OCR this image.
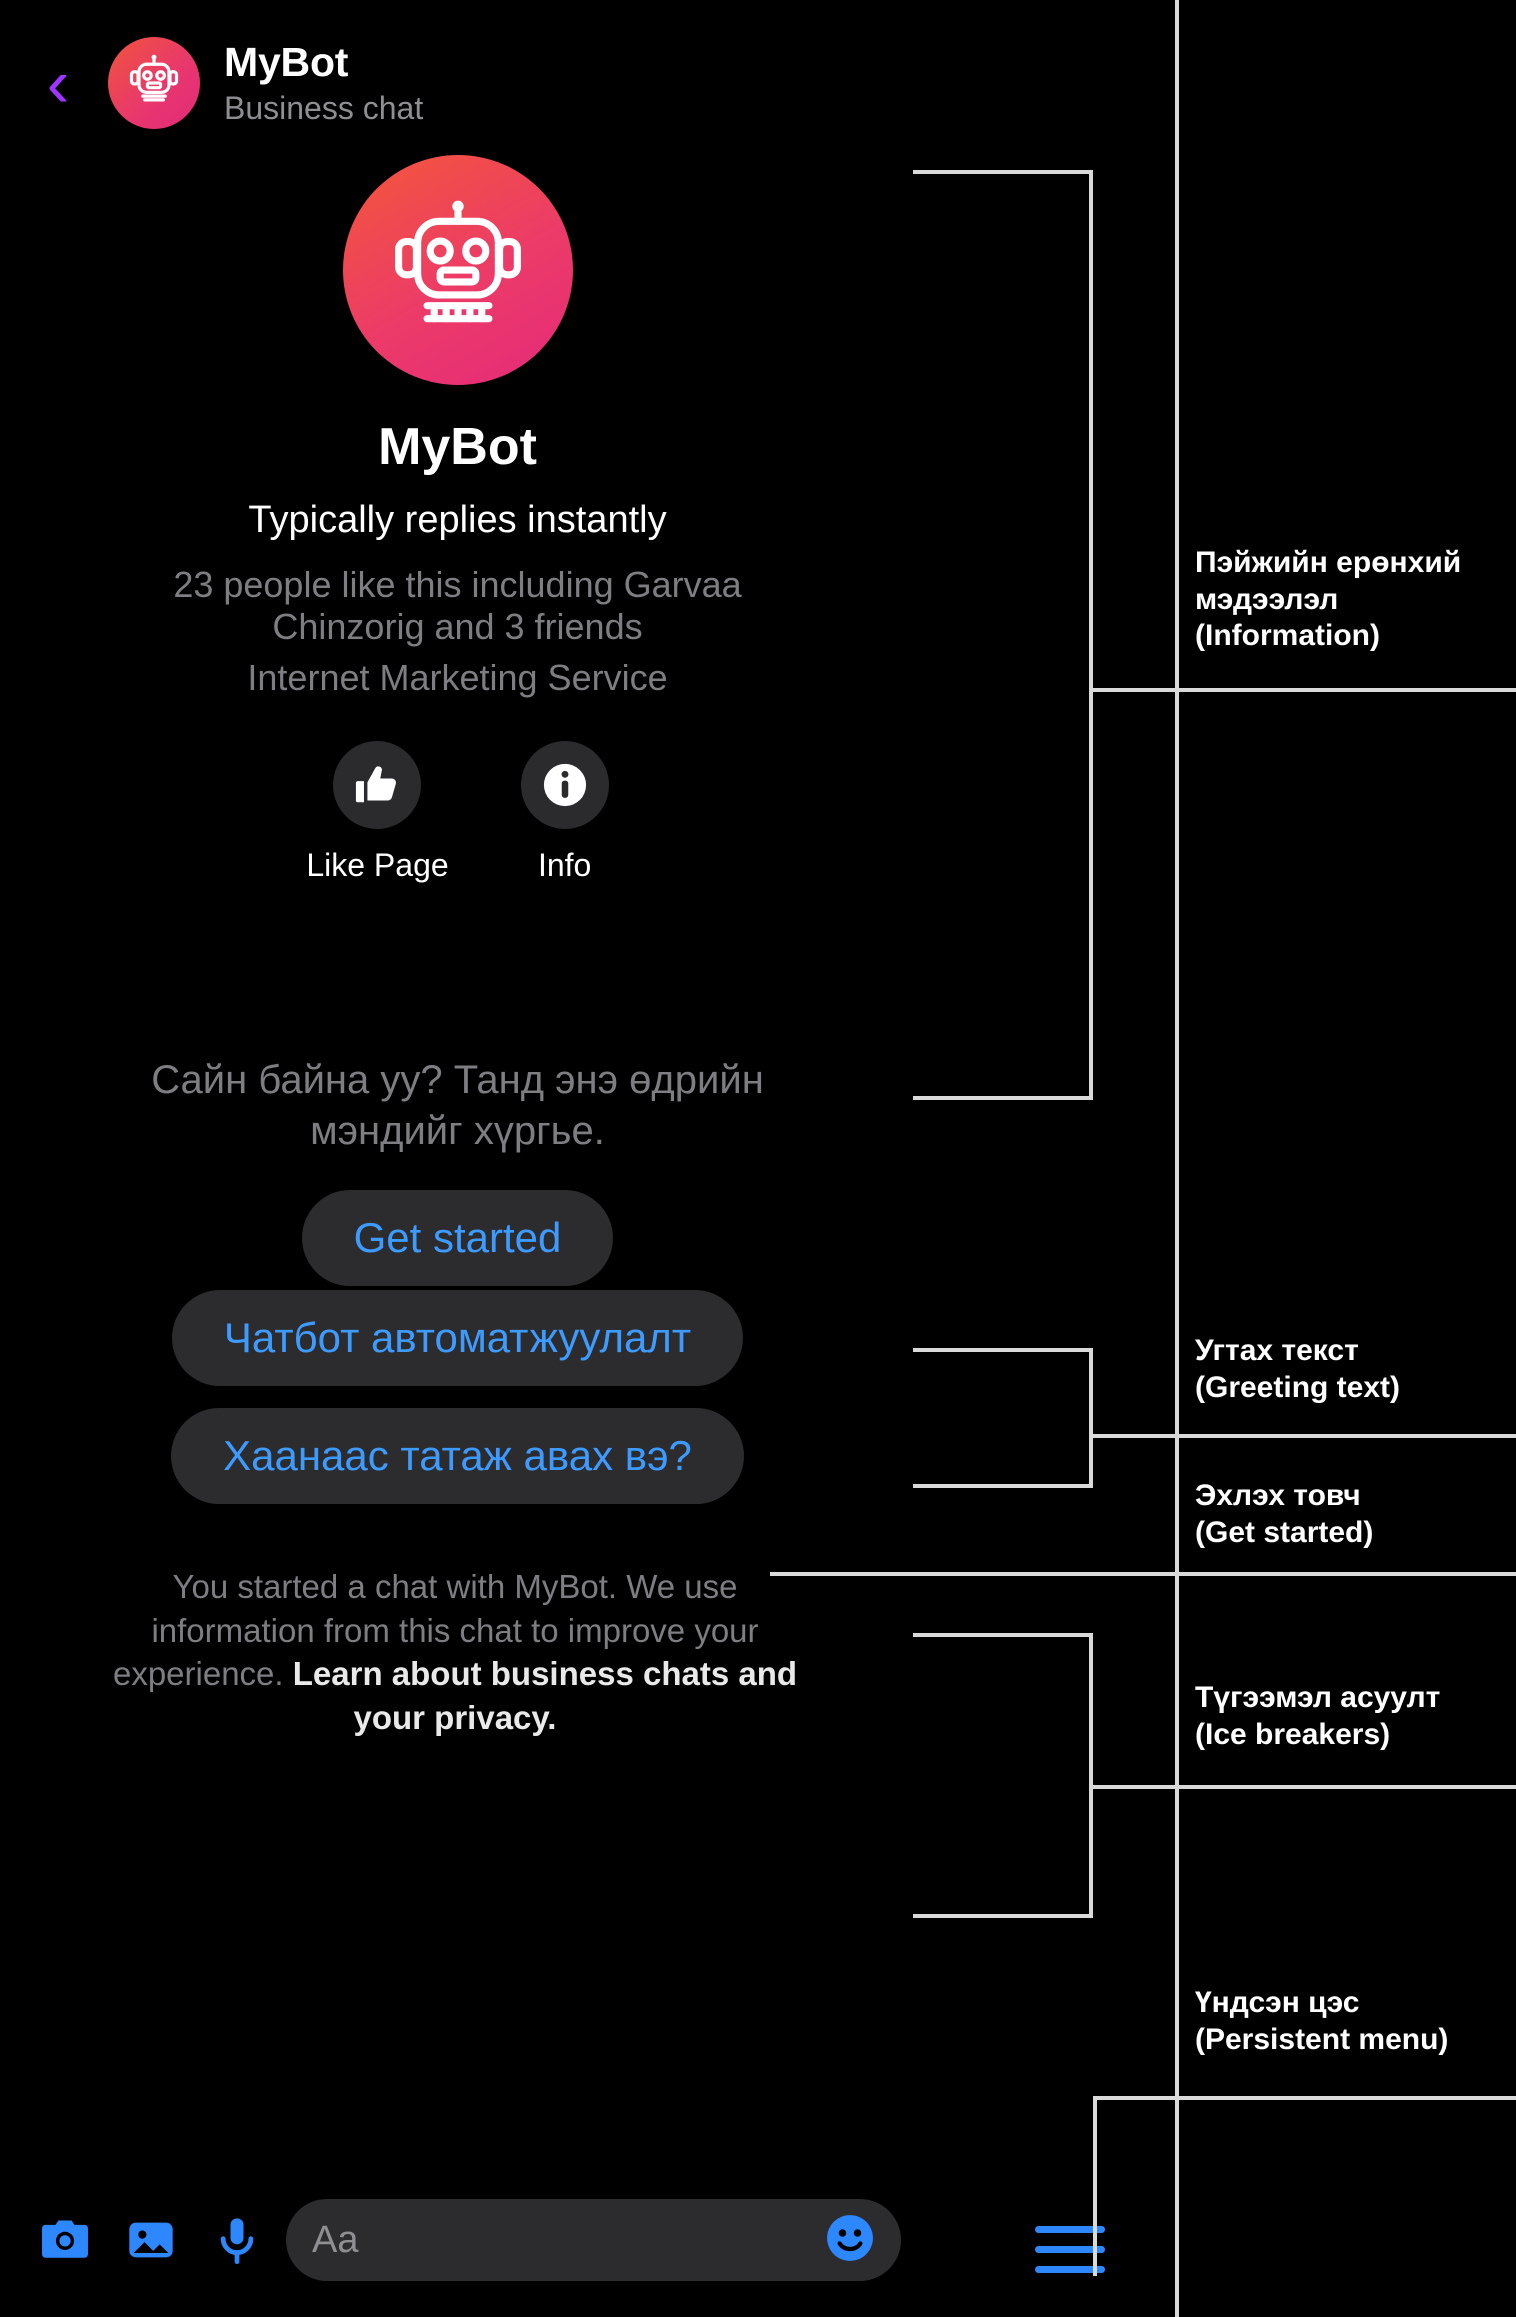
‹	MyBot
Business chat
MyBot
Typically replies instantly
23 people like this including Garvaa Chinzorig and 3 friends
Internet Marketing Service
Like Page	Info
Сайн байна уу? Танд энэ өдрийн мэндийг хүргье.
Get started
Чатбот автоматжуулалт
Хаанаас татаж авах вэ?
You started a chat with MyBot. We use information from this chat to improve your experience. Learn about business chats and your privacy.
Aa
Пэйжийн ерөнхий мэдээлэл
(Information)
Угтах текст
(Greeting text)
Эхлэх товч
(Get started)
Түгээмэл асуулт
(Ice breakers)
Үндсэн цэс
(Persistent menu)
